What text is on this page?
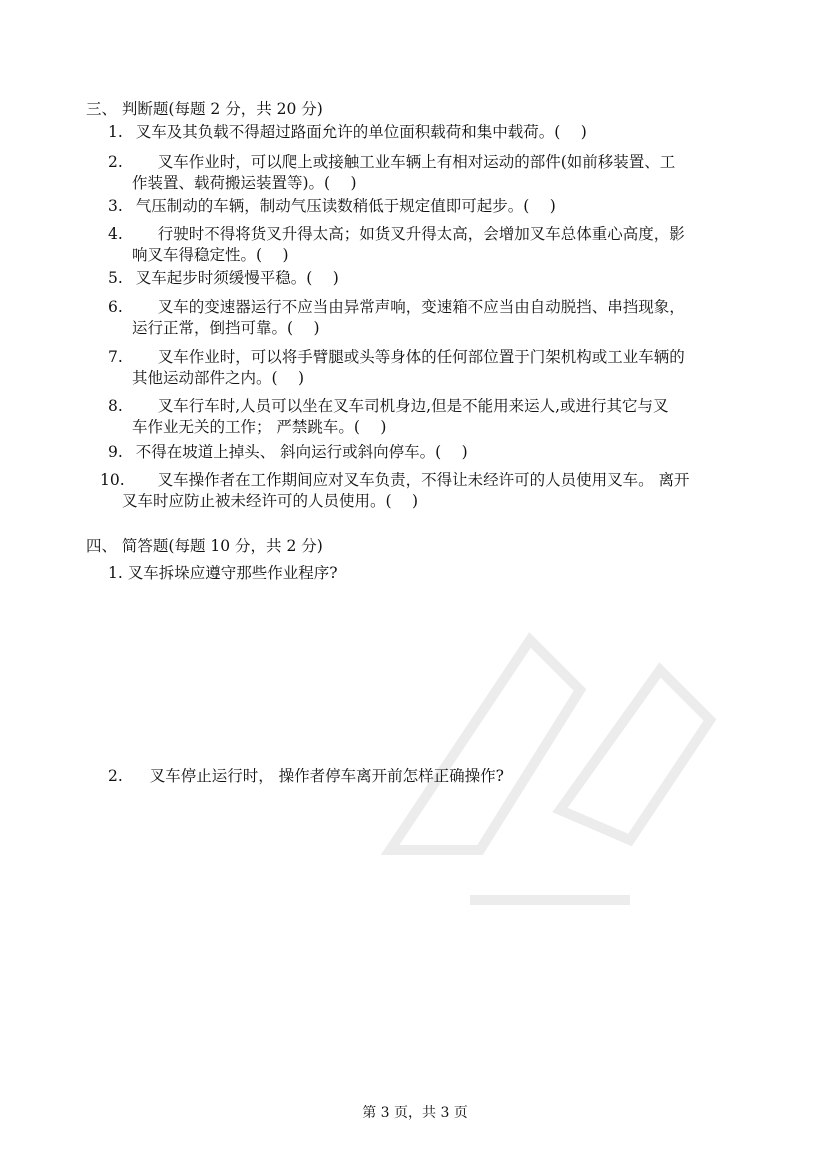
三、 判断题(每题 2 分，共 20 分)
1. 叉车及其负载不得超过路面允许的单位面积载荷和集中载荷。(　 )
2. 叉车作业时，可以爬上或接触工业车辆上有相对运动的部件(如前移装置、工
作装置、载荷搬运装置等)。(　 )
3. 气压制动的车辆，制动气压读数稍低于规定值即可起步。(　 )
4. 行驶时不得将货叉升得太高；如货叉升得太高，会增加叉车总体重心高度，影
响叉车得稳定性。(　 )
5. 叉车起步时须缓慢平稳。(　 )
6. 叉车的变速器运行不应当由异常声响，变速箱不应当由自动脱挡、串挡现象，
运行正常，倒挡可靠。(　 )
7. 叉车作业时，可以将手臂腿或头等身体的任何部位置于门架机构或工业车辆的
其他运动部件之内。(　 )
8. 叉车行车时,人员可以坐在叉车司机身边,但是不能用来运人,或进行其它与叉
车作业无关的工作； 严禁跳车。(　 )
9. 不得在坡道上掉头、 斜向运行或斜向停车。(　 )
10. 叉车操作者在工作期间应对叉车负责，不得让未经许可的人员使用叉车。 离开
叉车时应防止被未经许可的人员使用。(　 )
四、 简答题(每题 10 分，共 2 分)
1. 叉车拆垛应遵守那些作业程序?
2. 叉车停止运行时， 操作者停车离开前怎样正确操作?
第 3 页，共 3 页
